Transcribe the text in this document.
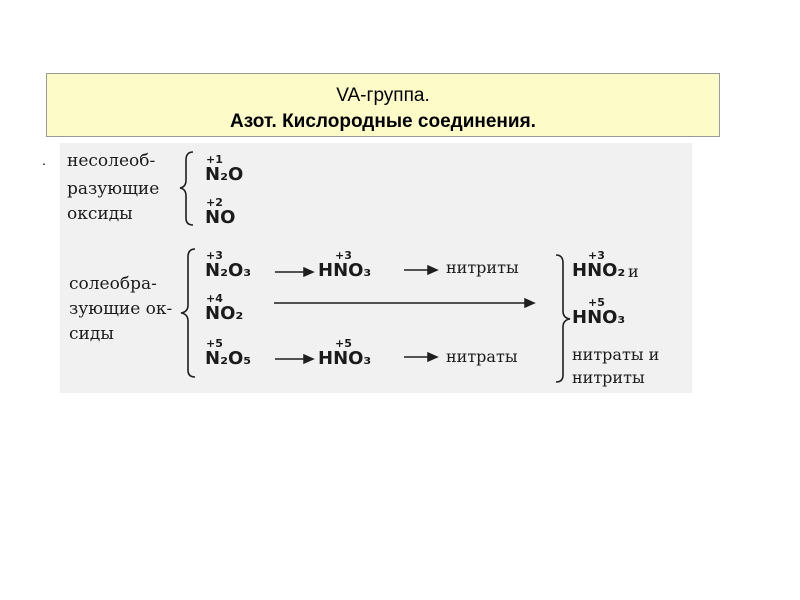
VA-группа.
Азот. Кислородные соединения.
. несолеоб-
разующие
оксиды
солеобра-
зующие ок-
сиды
+1
N₂O
+2
NO
+3
N₂O₃
+4
NO₂
+5
N₂O₅
+3
HNO₃
+5
HNO₃
нитриты
нитраты
+3
HNO₂ и
+5
HNO₃
нитраты и
нитриты
